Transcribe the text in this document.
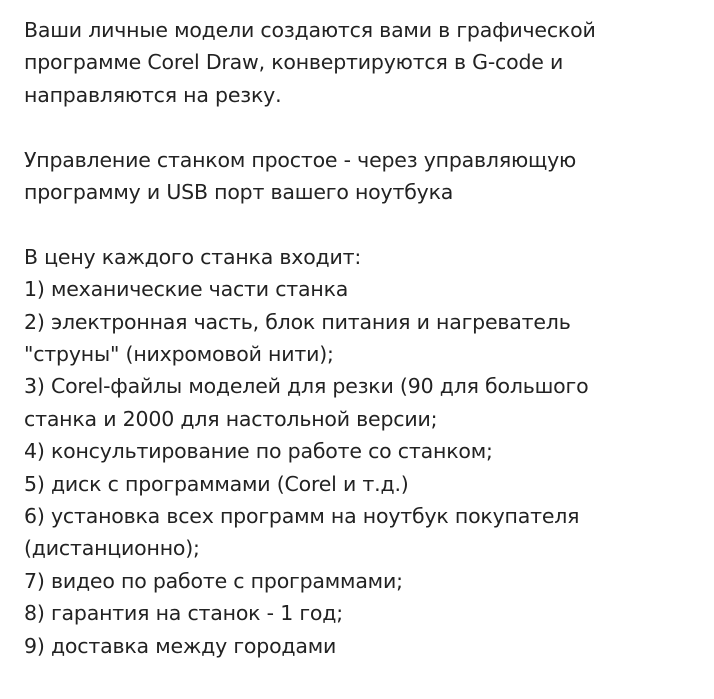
Ваши личные модели создаются вами в графической
программе Corel Draw, конвертируются в G-code и
направляются на резку.
Управление станком простое - через управляющую
программу и USB порт вашего ноутбука
В цену каждого станка входит:
1) механические части станка
2) электронная часть, блок питания и нагреватель
"струны" (нихромовой нити);
3) Corel-файлы моделей для резки (90 для большого
станка и 2000 для настольной версии;
4) консультирование по работе со станком;
5) диск с программами (Corel и т.д.)
6) установка всех программ на ноутбук покупателя
(дистанционно);
7) видео по работе с программами;
8) гарантия на станок - 1 год;
9) доставка между городами
